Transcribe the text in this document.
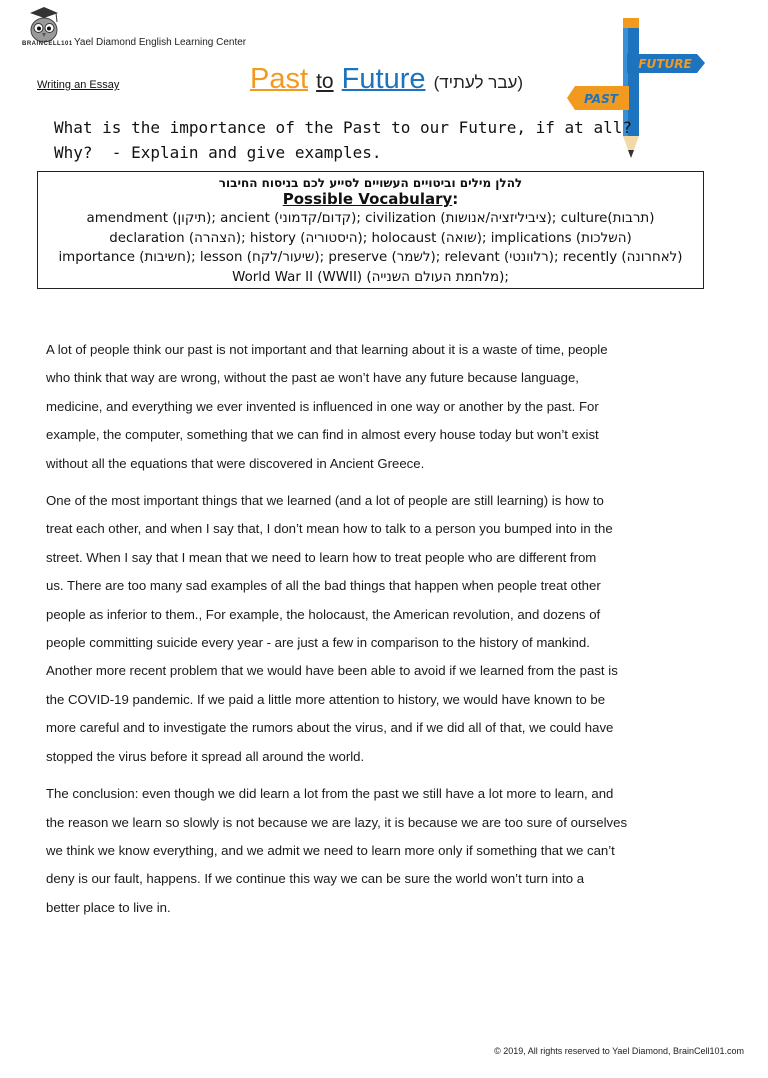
BRAINCELL101 Yael Diamond English Learning Center
Writing an Essay	Past to Future (עבר לעתיד)
FUTURE
PAST
What is the importance of the Past to our Future, if at all?
Why?  - Explain and give examples.
להלן מילים וביטויים העשויים לסייע לכם בניסוח החיבור
Possible Vocabulary:
amendment (תיקון); ancient (קדום/קדמוני); civilization (ציביליזציה/אנושות); culture(תרבות)
declaration (הצהרה); history (היסטוריה); holocaust (שואה); implications (השלכות)
importance (חשיבות); lesson (שיעור/לקח); preserve (לשמר); relevant (רלוונטי); recently (לאחרונה)
World War II (WWII) (מלחמת העולם השנייה);
A lot of people think our past is not important and that learning about it is a waste of time, people
who think that way are wrong, without the past ae won’t have any future because language,
medicine, and everything we ever invented is influenced in one way or another by the past. For
example, the computer, something that we can find in almost every house today but won’t exist
without all the equations that were discovered in Ancient Greece.
One of the most important things that we learned (and a lot of people are still learning) is how to
treat each other, and when I say that, I don’t mean how to talk to a person you bumped into in the
street. When I say that I mean that we need to learn how to treat people who are different from
us. There are too many sad examples of all the bad things that happen when people treat other
people as inferior to them., For example, the holocaust, the American revolution, and dozens of
people committing suicide every year - are just a few in comparison to the history of mankind.
Another more recent problem that we would have been able to avoid if we learned from the past is
the COVID-19 pandemic. If we paid a little more attention to history, we would have known to be
more careful and to investigate the rumors about the virus, and if we did all of that, we could have
stopped the virus before it spread all around the world.
The conclusion: even though we did learn a lot from the past we still have a lot more to learn, and
the reason we learn so slowly is not because we are lazy, it is because we are too sure of ourselves
we think we know everything, and we admit we need to learn more only if something that we can’t
deny is our fault, happens. If we continue this way we can be sure the world won’t turn into a
better place to live in.
© 2019, All rights reserved to Yael Diamond, BrainCell101.com
